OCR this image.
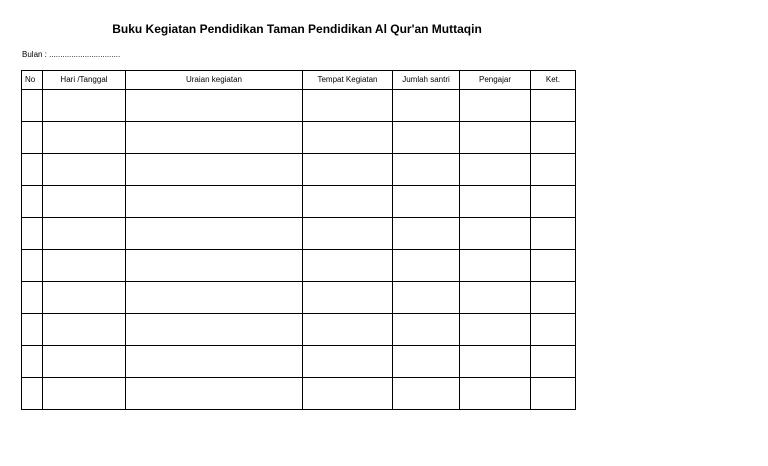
Buku Kegiatan Pendidikan Taman Pendidikan Al Qur'an Muttaqin
Bulan : ................................
No	Hari /Tanggal	Uraian kegiatan	Tempat Kegiatan	Jumlah santri	Pengajar	Ket.
